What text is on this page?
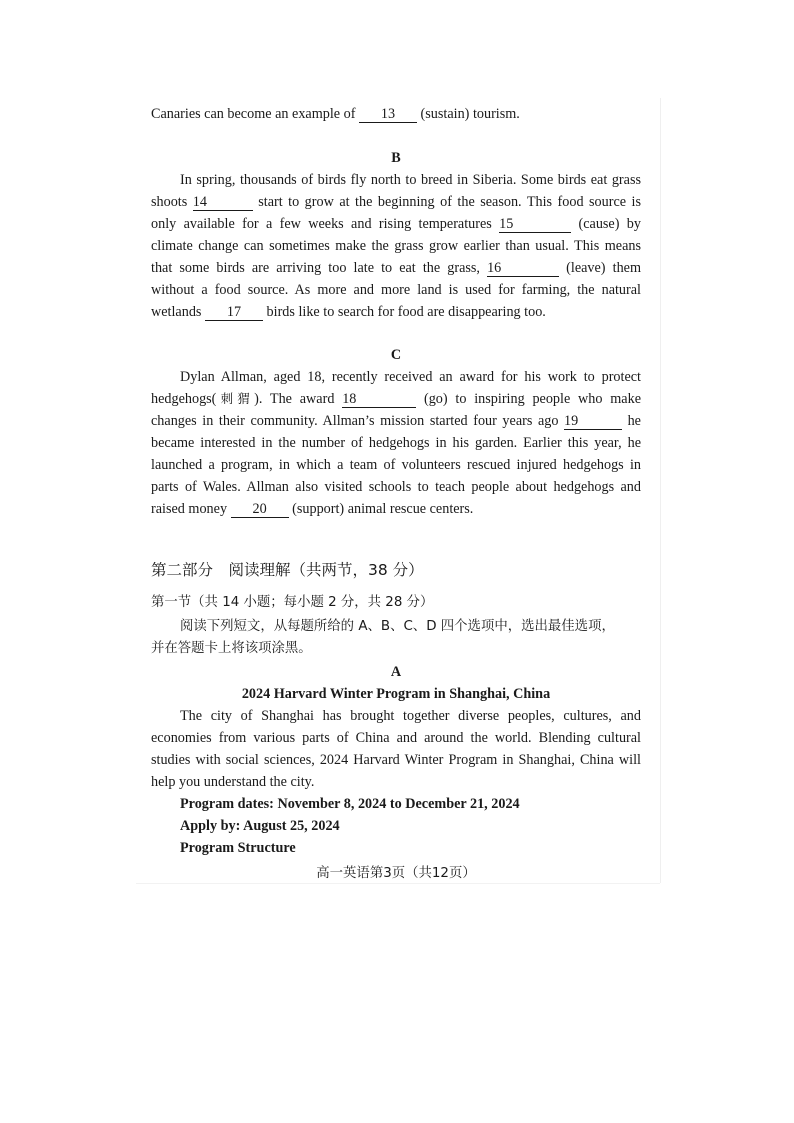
Canaries can become an example of 13 (sustain) tourism.
B
In spring, thousands of birds fly north to breed in Siberia. Some birds eat grass
shoots 14	start to grow at the beginning of the season. This food source is
only available for a few weeks and rising temperatures 15	(cause) by
climate change can sometimes make the grass grow earlier than usual. This means
that some birds are arriving too late to eat the grass, 16	(leave) them
without a food source. As more and more land is used for farming, the natural
wetlands 17 birds like to search for food are disappearing too.
C
Dylan Allman, aged 18, recently received an award for his work to protect
hedgehogs(刺猬). The award 18	(go) to inspiring people who make
changes in their community. Allman’s mission started four years ago 19	he
became interested in the number of hedgehogs in his garden. Earlier this year, he
launched a program, in which a team of volunteers rescued injured hedgehogs in
parts of Wales. Allman also visited schools to teach people about hedgehogs and
raised money 20 (support) animal rescue centers.
第二部分　阅读理解（共两节，38 分）
第一节（共 14 小题；每小题 2 分，共 28 分）
阅读下列短文，从每题所给的 A、B、C、D 四个选项中，选出最佳选项，
并在答题卡上将该项涂黑。
A
2024 Harvard Winter Program in Shanghai, China
The city of Shanghai has brought together diverse peoples, cultures, and
economies from various parts of China and around the world. Blending cultural
studies with social sciences, 2024 Harvard Winter Program in Shanghai, China will
help you understand the city.
Program dates: November 8, 2024 to December 21, 2024
Apply by: August 25, 2024
Program Structure
高一英语第3页（共12页）
